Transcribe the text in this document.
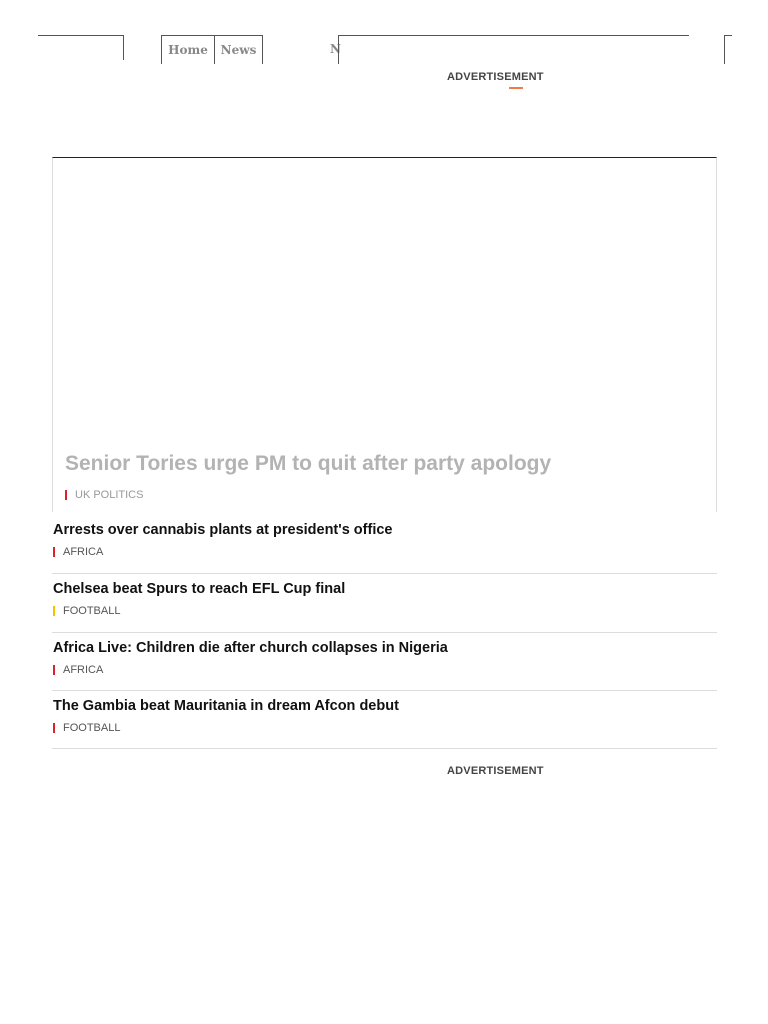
Home News	N
ADVERTISEMENT
Senior Tories urge PM to quit after party apology
UK POLITICS
Arrests over cannabis plants at president's office
AFRICA
Chelsea beat Spurs to reach EFL Cup final
FOOTBALL
Africa Live: Children die after church collapses in Nigeria
AFRICA
The Gambia beat Mauritania in dream Afcon debut
FOOTBALL
ADVERTISEMENT
